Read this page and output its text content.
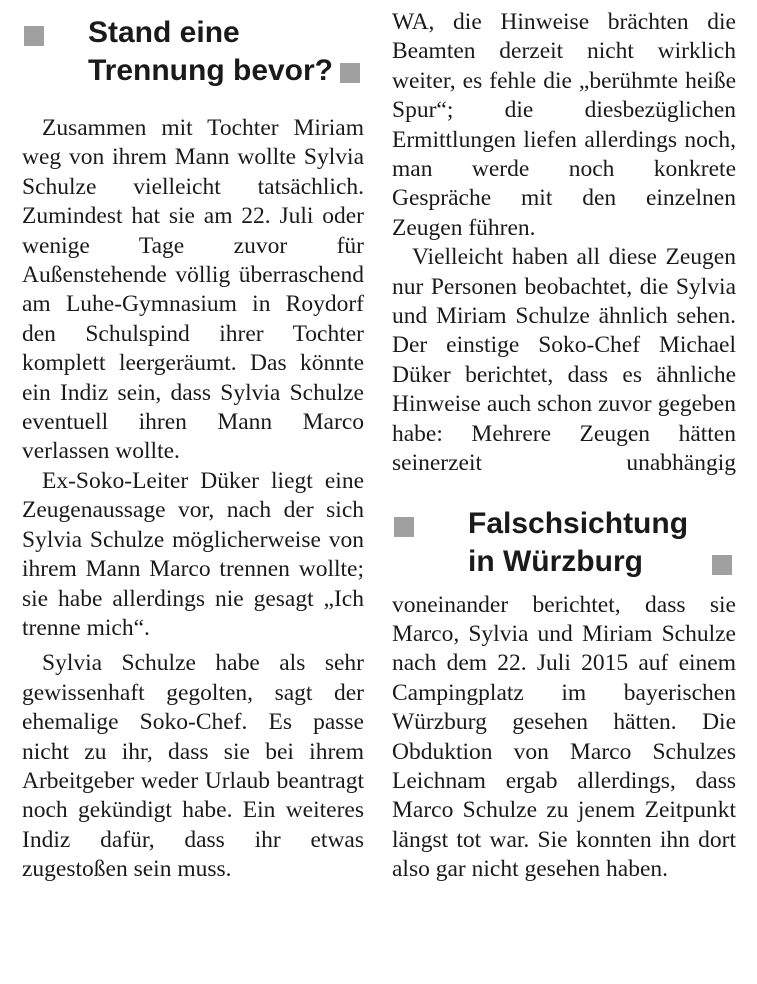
Stand eine
Trennung bevor?

Zusammen mit Tochter Miriam weg von ihrem Mann wollte Sylvia Schulze vielleicht tatsächlich. Zumindest hat sie am 22. Juli oder wenige Tage zuvor für Außenstehende völlig überraschend am Luhe-Gymnasium in Roydorf den Schulspind ihrer Tochter komplett leergeräumt. Das könnte ein Indiz sein, dass Sylvia Schulze eventuell ihren Mann Marco verlassen wollte.

Ex-Soko-Leiter Düker liegt eine Zeugenaussage vor, nach der sich Sylvia Schulze möglicherweise von ihrem Mann Marco trennen wollte; sie habe allerdings nie gesagt „Ich trenne mich“.

Sylvia Schulze habe als sehr gewissenhaft gegolten, sagt der ehemalige Soko-Chef. Es passe nicht zu ihr, dass sie bei ihrem Arbeitgeber weder Urlaub beantragt noch gekündigt habe. Ein weiteres Indiz dafür, dass ihr etwas zugestoßen sein muss.

WA, die Hinweise brächten die Beamten derzeit nicht wirklich weiter, es fehle die „berühmte heiße Spur“; die diesbezüglichen Ermittlungen liefen allerdings noch, man werde noch konkrete Gespräche mit den einzelnen Zeugen führen.

Vielleicht haben all diese Zeugen nur Personen beobachtet, die Sylvia und Miriam Schulze ähnlich sehen. Der einstige Soko-Chef Michael Düker berichtet, dass es ähnliche Hinweise auch schon zuvor gegeben habe: Mehrere Zeugen hätten seinerzeit unabhängig

Falschsichtung
in Würzburg

voneinander berichtet, dass sie Marco, Sylvia und Miriam Schulze nach dem 22. Juli 2015 auf einem Campingplatz im bayerischen Würzburg gesehen hätten. Die Obduktion von Marco Schulzes Leichnam ergab allerdings, dass Marco Schulze zu jenem Zeitpunkt längst tot war. Sie konnten ihn dort also gar nicht gesehen haben.
